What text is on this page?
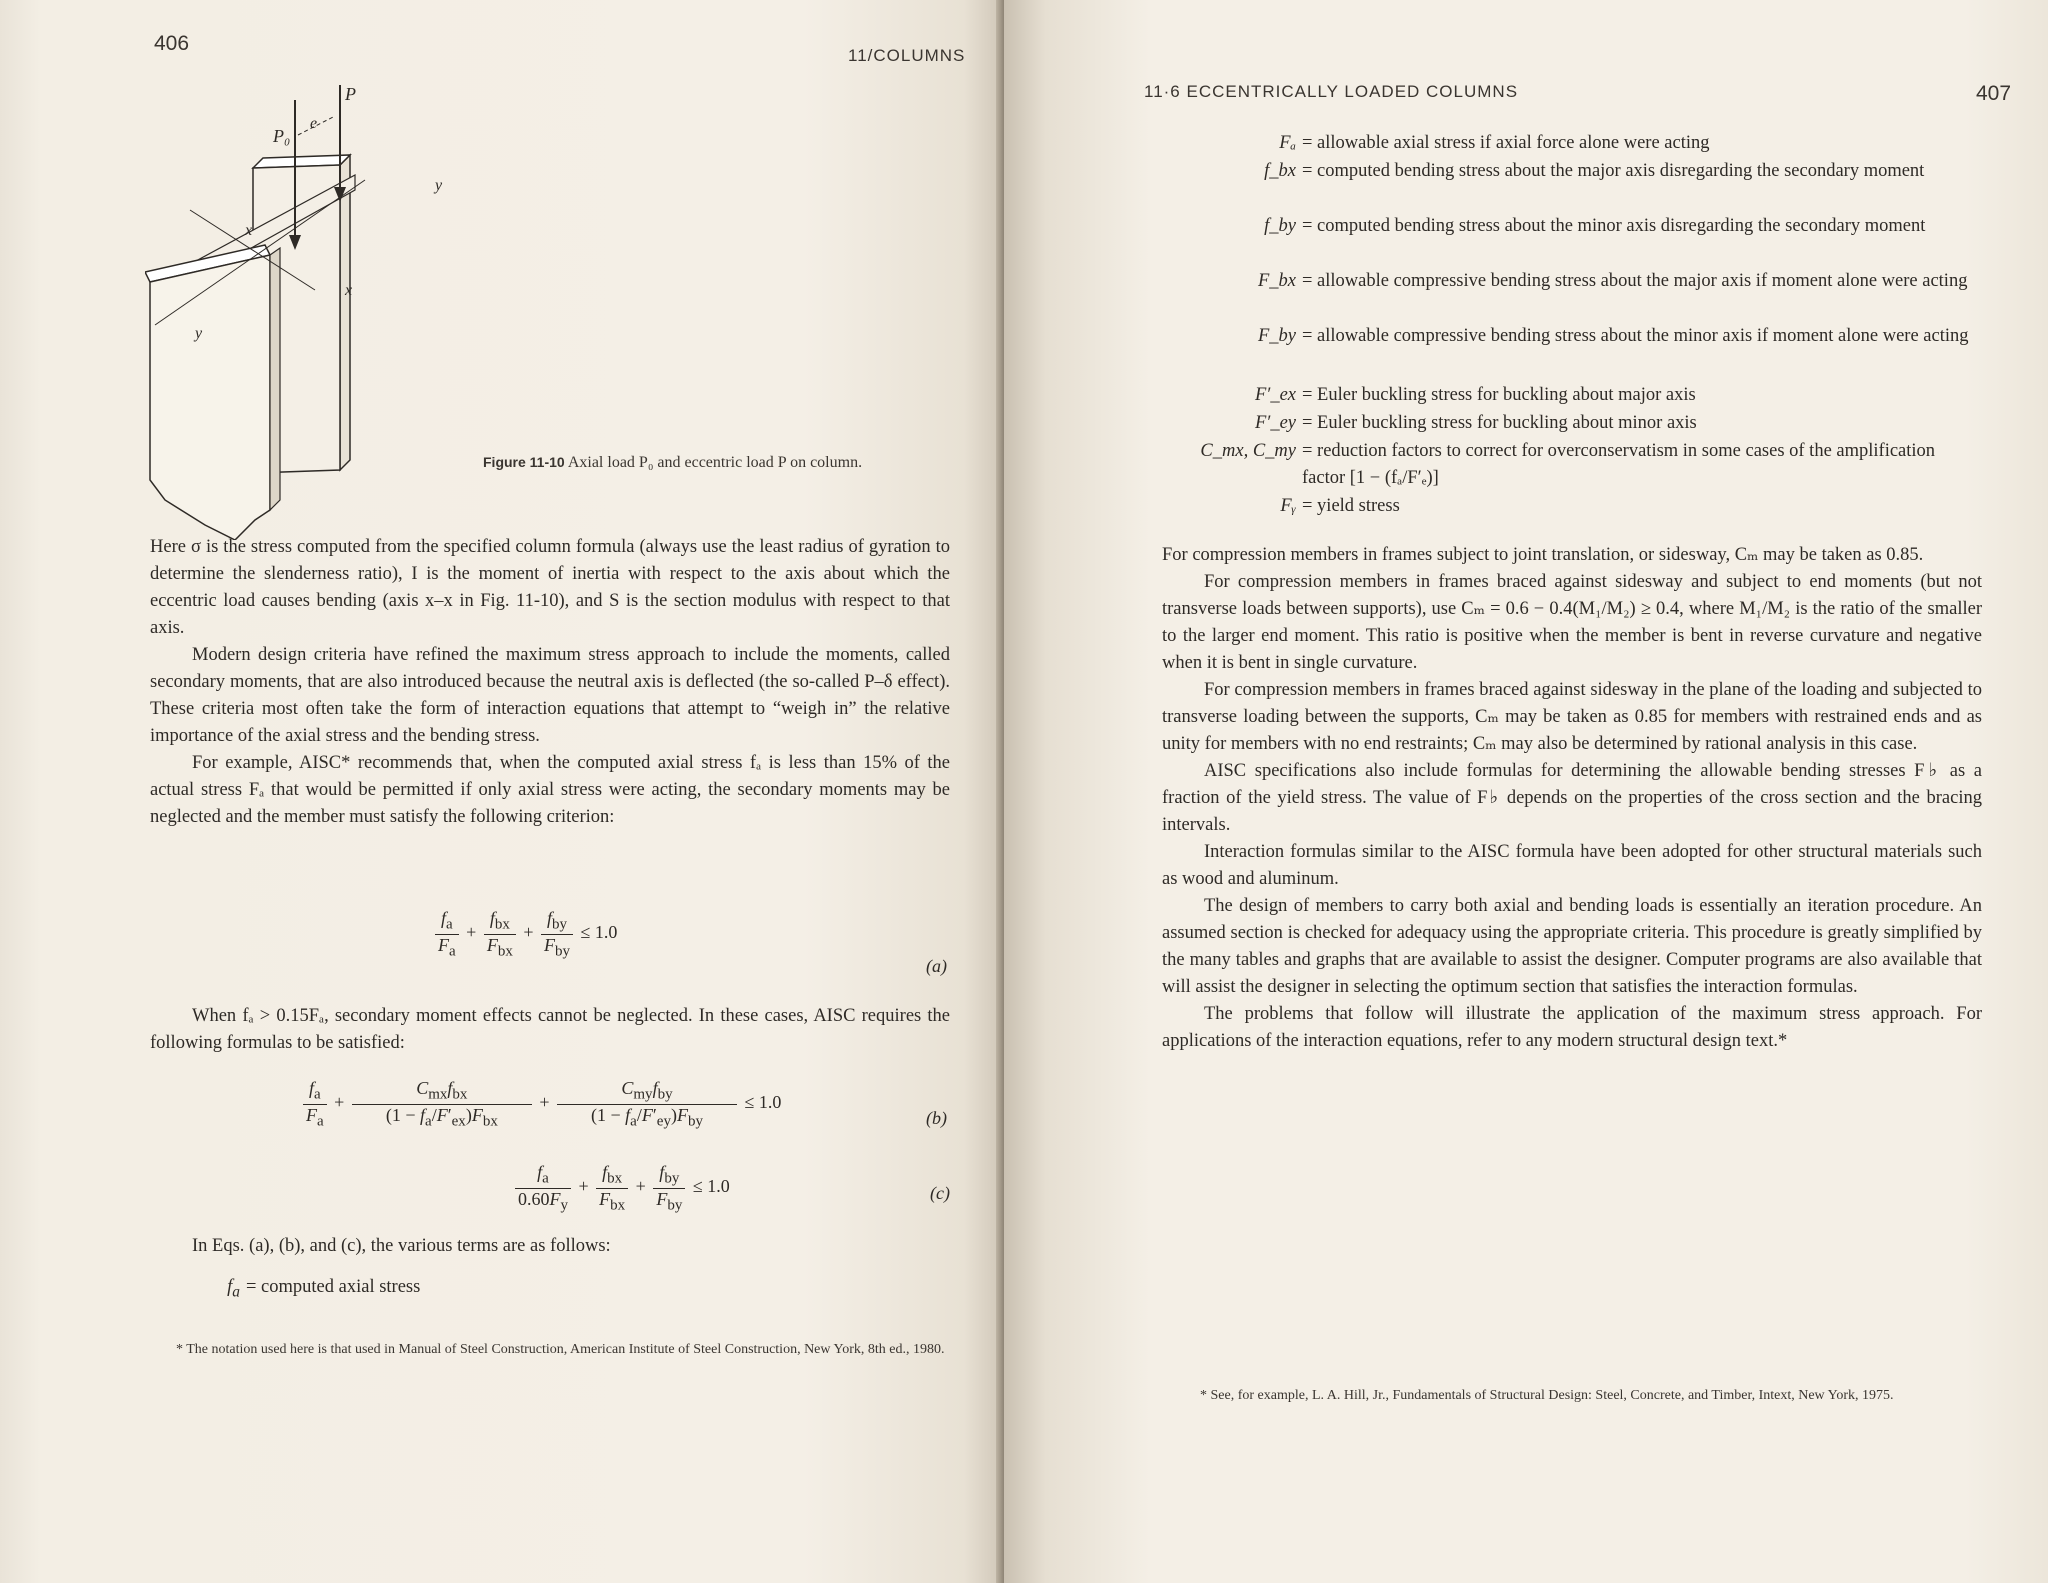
406
11/COLUMNS
P
P₀
e
x
x
y
y
Figure 11-10 Axial load P₀ and eccentric load P on column.

Here σ is the stress computed from the specified column formula (always use the least radius of gyration to determine the slenderness ratio), I is the moment of inertia with respect to the axis about which the eccentric load causes bending (axis x–x in Fig. 11-10), and S is the section modulus with respect to that axis.

Modern design criteria have refined the maximum stress approach to include the moments, called secondary moments, that are also introduced because the neutral axis is deflected (the so-called P–δ effect). These criteria most often take the form of interaction equations that attempt to “weigh in” the relative importance of the axial stress and the bending stress.

For example, AISC* recommends that, when the computed axial stress fₐ is less than 15% of the actual stress Fₐ that would be permitted if only axial stress were acting, the secondary moments may be neglected and the member must satisfy the following criterion:

$\frac{f_a}{F_a} + \frac{f_{bx}}{F_{bx}} + \frac{f_{by}}{F_{by}} \le 1.0$
(a)

When fₐ > 0.15Fₐ, secondary moment effects cannot be neglected. In these cases, AISC requires the following formulas to be satisfied:

$\frac{f_a}{F_a} + \frac{C_{mx}f_{bx}}{(1 - f_a/F'_{ex})F_{bx}} + \frac{C_{my}f_{by}}{(1 - f_a/F'_{ey})F_{by}} \le 1.0$
(b)
$\frac{f_a}{0.60F_y} + \frac{f_{bx}}{F_{bx}} + \frac{f_{by}}{F_{by}} \le 1.0$	(c)

In Eqs. (a), (b), and (c), the various terms are as follows:

$f_a$ = computed axial stress

* The notation used here is that used in Manual of Steel Construction, American Institute of Steel Construction, New York, 8th ed., 1980.

11·6 ECCENTRICALLY LOADED COLUMNS	407
Fₐ = allowable axial stress if axial force alone were acting
f_bx = computed bending stress about the major axis disregarding the secondary moment
f_by = computed bending stress about the minor axis disregarding the secondary moment
F_bx = allowable compressive bending stress about the major axis if moment alone were acting
F_by = allowable compressive bending stress about the minor axis if moment alone were acting
F′_ex = Euler buckling stress for buckling about major axis
F′_ey = Euler buckling stress for buckling about minor axis
C_mx, C_my = reduction factors to correct for overconservatism in some cases of the amplification factor [1 − (fₐ/F′ₑ)]
Fᵧ = yield stress

For compression members in frames subject to joint translation, or sidesway, Cₘ may be taken as 0.85.

For compression members in frames braced against sidesway and subject to end moments (but not transverse loads between supports), use Cₘ = 0.6 − 0.4(M₁/M₂) ≥ 0.4, where M₁/M₂ is the ratio of the smaller to the larger end moment. This ratio is positive when the member is bent in reverse curvature and negative when it is bent in single curvature.

For compression members in frames braced against sidesway in the plane of the loading and subjected to transverse loading between the supports, Cₘ may be taken as 0.85 for members with restrained ends and as unity for members with no end restraints; Cₘ may also be determined by rational analysis in this case.

AISC specifications also include formulas for determining the allowable bending stresses F♭ as a fraction of the yield stress. The value of F♭ depends on the properties of the cross section and the bracing intervals.

Interaction formulas similar to the AISC formula have been adopted for other structural materials such as wood and aluminum.

The design of members to carry both axial and bending loads is essentially an iteration procedure. An assumed section is checked for adequacy using the appropriate criteria. This procedure is greatly simplified by the many tables and graphs that are available to assist the designer. Computer programs are also available that will assist the designer in selecting the optimum section that satisfies the interaction formulas.

The problems that follow will illustrate the application of the maximum stress approach. For applications of the interaction equations, refer to any modern structural design text.*

* See, for example, L. A. Hill, Jr., Fundamentals of Structural Design: Steel, Concrete, and Timber, Intext, New York, 1975.
